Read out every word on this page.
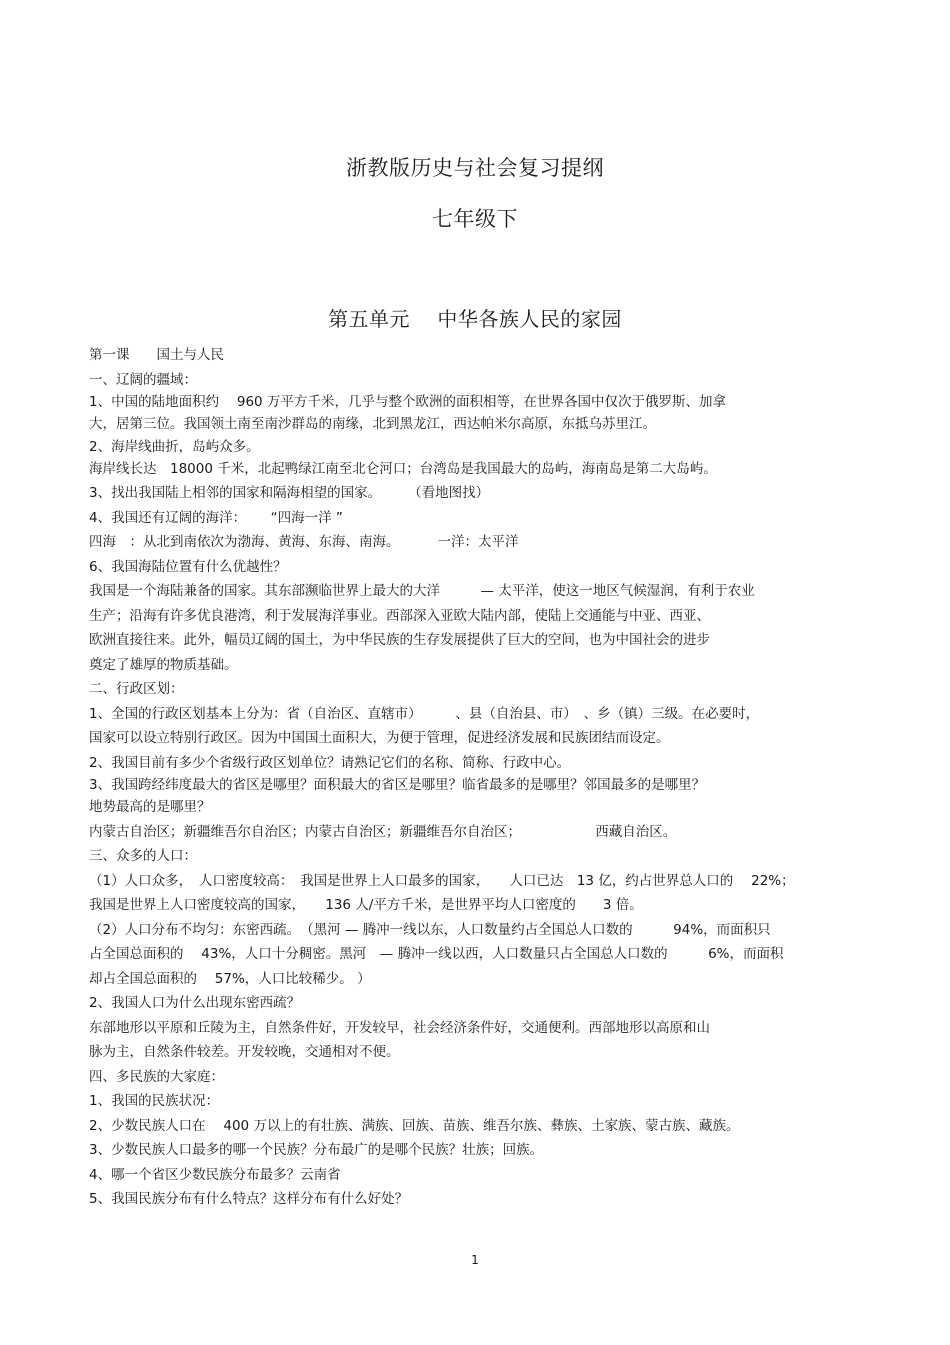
浙教版历史与社会复习提纲
七年级下
第五单元　 中华各族人民的家园

第一课　　国土与人民

一、辽阔的疆域：

1、中国的陆地面积约　 960 万平方千米，几乎与整个欧洲的面积相等，在世界各国中仅次于俄罗斯、加拿

大，居第三位。我国领土南至南沙群岛的南缘，北到黑龙江，西达帕米尔高原，东抵乌苏里江。

2、海岸线曲折，岛屿众多。

海岸线长达　18000 千米，北起鸭绿江南至北仑河口；台湾岛是我国最大的岛屿，海南岛是第二大岛屿。

3、找出我国陆上相邻的国家和隔海相望的国家。　　　（看地图找）

4、我国还有辽阔的海洋：　　 “四海一洋 ”

四海　：从北到南依次为渤海、黄海、东海、南海。　　　 一洋：太平洋

6、我国海陆位置有什么优越性？

我国是一个海陆兼备的国家。其东部濒临世界上最大的大洋　　　— 太平洋，使这一地区气候湿润，有利于农业

生产；沿海有许多优良港湾，利于发展海洋事业。西部深入亚欧大陆内部，使陆上交通能与中亚、西亚、

欧洲直接往来。此外，幅员辽阔的国土，为中华民族的生存发展提供了巨大的空间，也为中国社会的进步

奠定了雄厚的物质基础。

二、行政区划：

1、全国的行政区划基本上分为：省（自治区、直辖市）　　　、县（自治县、市）　、乡（镇）三级。在必要时，

国家可以设立特别行政区。因为中国国土面积大，为便于管理，促进经济发展和民族团结而设定。

2、我国目前有多少个省级行政区划单位？请熟记它们的名称、简称、行政中心。

3、我国跨经纬度最大的省区是哪里？面积最大的省区是哪里？临省最多的是哪里？邻国最多的是哪里？

地势最高的是哪里？

内蒙古自治区；新疆维吾尔自治区；内蒙古自治区；新疆维吾尔自治区；　　　　　　西藏自治区。

三、众多的人口：

（1）人口众多，　人口密度较高：　我国是世界上人口最多的国家，　　人口已达　13 亿，约占世界总人口的　 22%；

我国是世界上人口密度较高的国家，　　136 人/平方千米，是世界平均人口密度的　　3 倍。

（2）人口分布不均匀：东密西疏。　（黑河 — 腾冲一线以东，人口数量约占全国总人口数的　　　94%，而面积只

占全国总面积的　 43%，人口十分稠密。黑河　— 腾冲一线以西，人口数量只占全国总人口数的　　　6%，而面积

却占全国总面积的　 57%，人口比较稀少。 ）

2、我国人口为什么出现东密西疏？

东部地形以平原和丘陵为主，自然条件好，开发较早，社会经济条件好，交通便利。西部地形以高原和山

脉为主，自然条件较差。开发较晚，交通相对不便。

四、多民族的大家庭：

1、我国的民族状况：

2、少数民族人口在　 400 万以上的有壮族、满族、回族、苗族、维吾尔族、彝族、土家族、蒙古族、藏族。

3、少数民族人口最多的哪一个民族？分布最广的是哪个民族？壮族；回族。

4、哪一个省区少数民族分布最多？云南省

5、我国民族分布有什么特点？这样分布有什么好处？

1
